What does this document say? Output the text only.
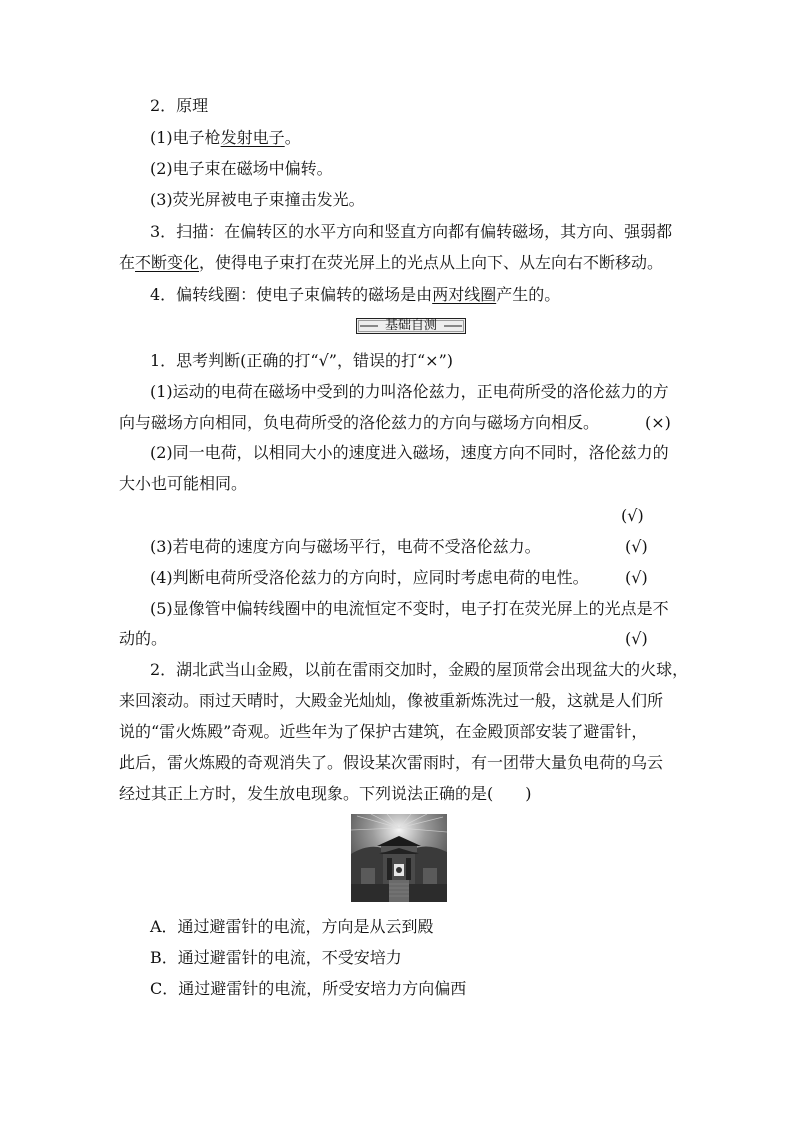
2．原理
(1)电子枪发射电子。
(2)电子束在磁场中偏转。
(3)荧光屏被电子束撞击发光。
3．扫描：在偏转区的水平方向和竖直方向都有偏转磁场，其方向、强弱都
在不断变化，使得电子束打在荧光屏上的光点从上向下、从左向右不断移动。
4．偏转线圈：使电子束偏转的磁场是由两对线圈产生的。
基础自测
1．思考判断(正确的打“√”，错误的打“×”)
(1)运动的电荷在磁场中受到的力叫洛伦兹力，正电荷所受的洛伦兹力的方
向与磁场方向相同，负电荷所受的洛伦兹力的方向与磁场方向相反。	(×)
(2)同一电荷，以相同大小的速度进入磁场，速度方向不同时，洛伦兹力的
大小也可能相同。
(√)
(3)若电荷的速度方向与磁场平行，电荷不受洛伦兹力。	(√)
(4)判断电荷所受洛伦兹力的方向时，应同时考虑电荷的电性。 (√)
(5)显像管中偏转线圈中的电流恒定不变时，电子打在荧光屏上的光点是不
动的。	(√)
2．湖北武当山金殿，以前在雷雨交加时，金殿的屋顶常会出现盆大的火球，
来回滚动。雨过天晴时，大殿金光灿灿，像被重新炼洗过一般，这就是人们所
说的“雷火炼殿”奇观。近些年为了保护古建筑，在金殿顶部安装了避雷针，
此后，雷火炼殿的奇观消失了。假设某次雷雨时，有一团带大量负电荷的乌云
经过其正上方时，发生放电现象。下列说法正确的是(　　)
A．通过避雷针的电流，方向是从云到殿
B．通过避雷针的电流，不受安培力
C．通过避雷针的电流，所受安培力方向偏西
